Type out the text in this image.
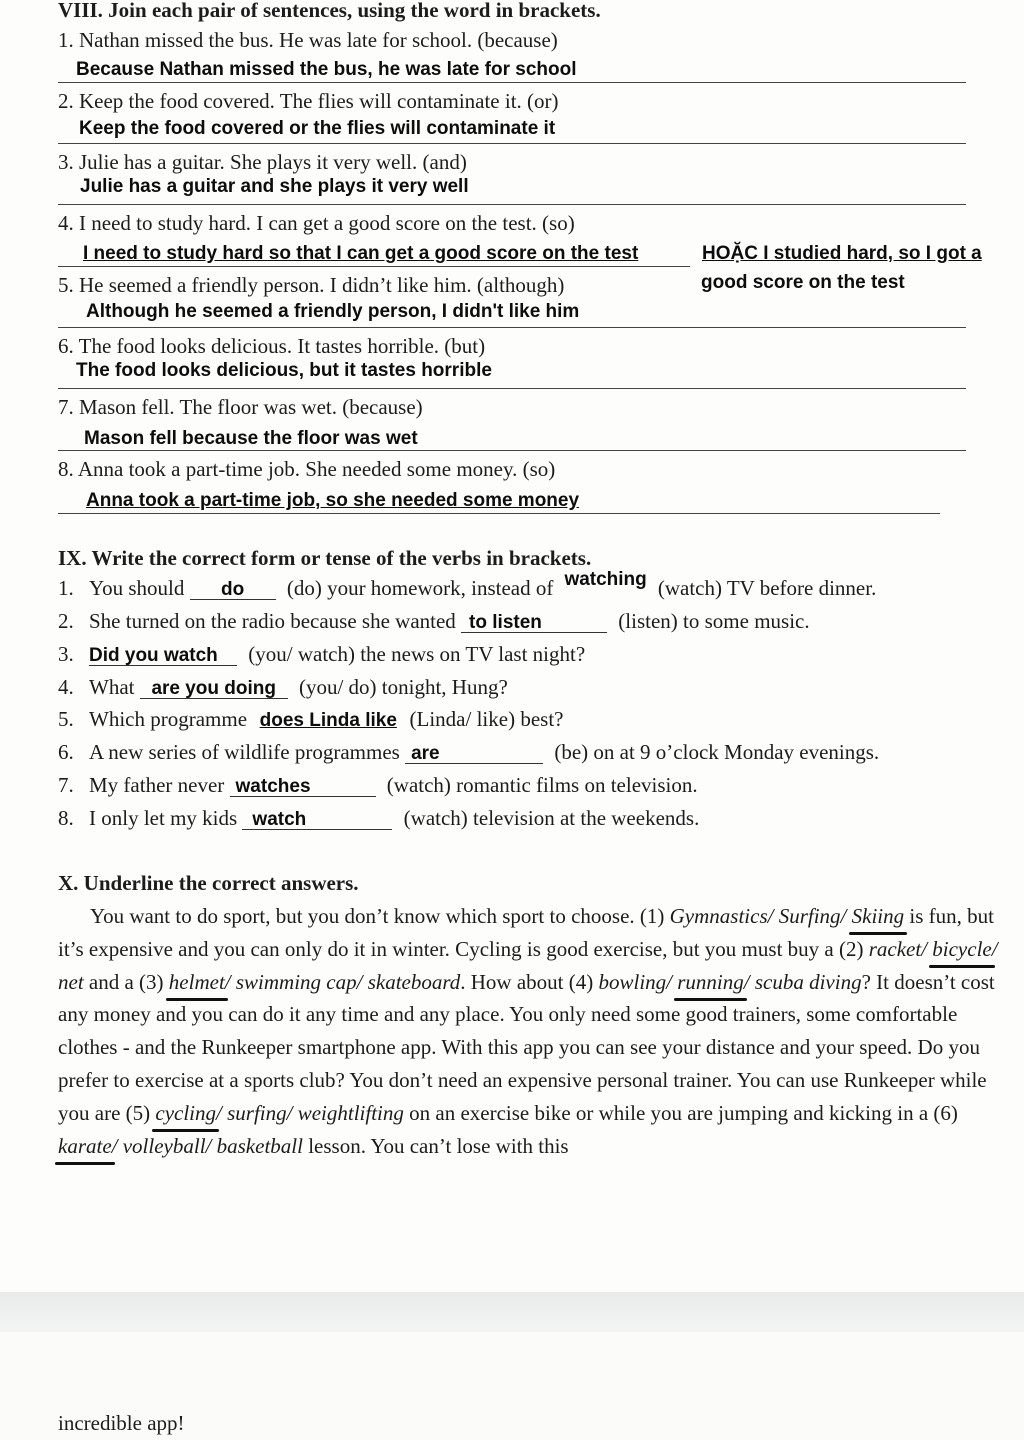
VIII. Join each pair of sentences, using the word in brackets.
1. Nathan missed the bus. He was late for school. (because)
Because Nathan missed the bus, he was late for school
2. Keep the food covered. The flies will contaminate it. (or)
Keep the food covered or the flies will contaminate it
3. Julie has a guitar. She plays it very well. (and)
Julie has a guitar and she plays it very well
4. I need to study hard. I can get a good score on the test. (so)
I need to study hard so that I can get a good score on the test	HOẶC I studied hard, so I got a
5. He seemed a friendly person. I didn’t like him. (although)	good score on the test
Although he seemed a friendly person, I didn't like him
6. The food looks delicious. It tastes horrible. (but)
The food looks delicious, but it tastes horrible
7. Mason fell. The floor was wet. (because)
Mason fell because the floor was wet
8. Anna took a part-time job. She needed some money. (so)
Anna took a part-time job, so she needed some money
IX. Write the correct form or tense of the verbs in brackets.
1. You should do (do) your homework, instead of watching (watch) TV before dinner.
2. She turned on the radio because she wanted to listen	(listen) to some music.
3. Did you watch (you/ watch) the news on TV last night?
4. What are you doing (you/ do) tonight, Hung?
5. Which programme does Linda like (Linda/ like) best?
6. A new series of wildlife programmes are	(be) on at 9 o’clock Monday evenings.
7. My father never watches	(watch) romantic films on television.
8. I only let my kids watch	(watch) television at the weekends.
X. Underline the correct answers.

You want to do sport, but you don’t know which sport to choose. (1) Gymnastics/ Surfing/ Skiing is fun, but it’s expensive and you can only do it in winter. Cycling is good exercise, but you must buy a (2) racket/ bicycle/ net and a (3) helmet/ swimming cap/ skateboard. How about (4) bowling/ running/ scuba diving? It doesn’t cost any money and you can do it any time and any place. You only need some good trainers, some comfortable clothes - and the Runkeeper smartphone app. With this app you can see your distance and your speed. Do you prefer to exercise at a sports club? You don’t need an expensive personal trainer. You can use Runkeeper while you are (5) cycling/ surfing/ weightlifting on an exercise bike or while you are jumping and kicking in a (6) karate/ volleyball/ basketball lesson. You can’t lose with this

incredible app!
